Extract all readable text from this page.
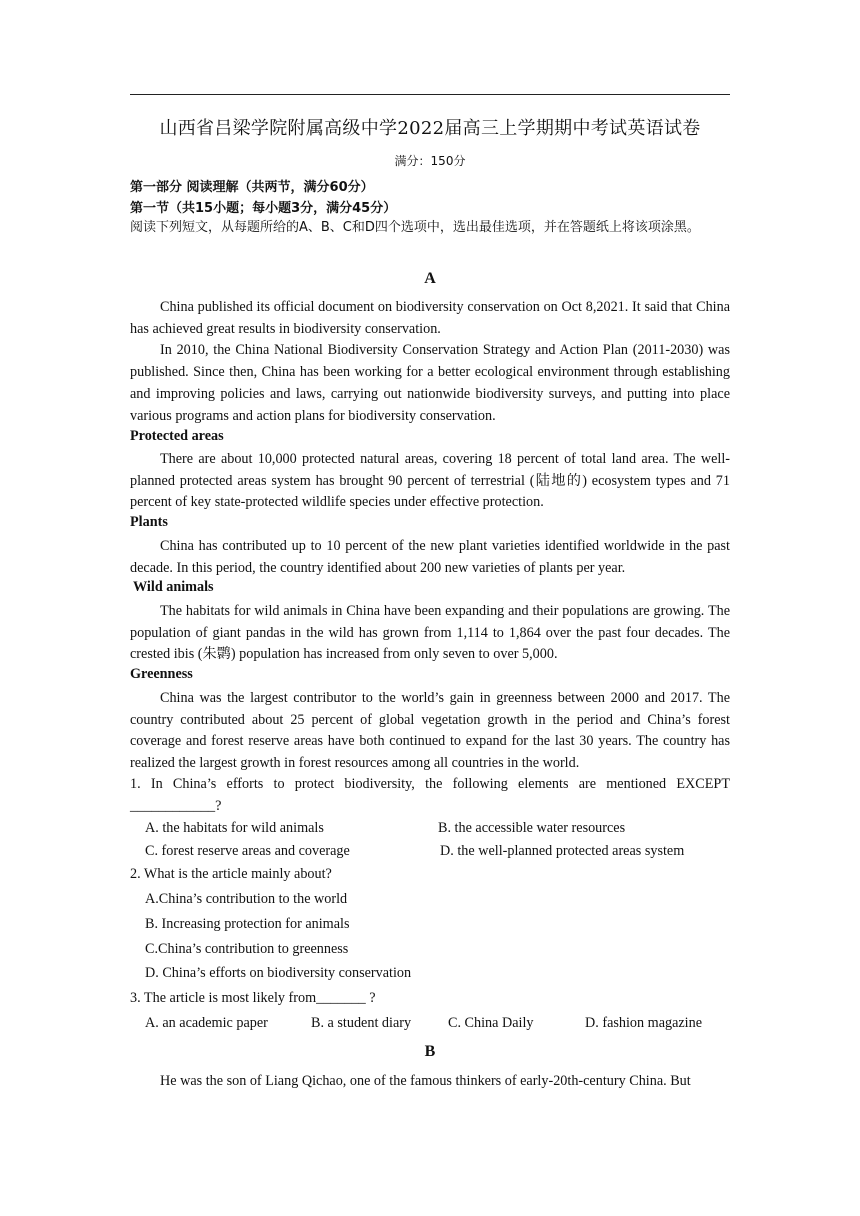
山西省吕梁学院附属高级中学2022届高三上学期期中考试英语试卷
满分：150分
第一部分 阅读理解（共两节，满分60分）
第一节（共15小题；每小题3分，满分45分）
阅读下列短文，从每题所给的A、B、C和D四个选项中，选出最佳选项，并在答题纸上将该项涂黑。
A

China published its official document on biodiversity conservation on Oct 8,2021. It said that China has achieved great results in biodiversity conservation.

In 2010, the China National Biodiversity Conservation Strategy and Action Plan (2011-2030) was published. Since then, China has been working for a better ecological environment through establishing and improving policies and laws, carrying out nationwide biodiversity surveys, and putting into place various programs and action plans for biodiversity conservation.

Protected areas

There are about 10,000 protected natural areas, covering 18 percent of total land area. The well-planned protected areas system has brought 90 percent of terrestrial (陆地的) ecosystem types and 71 percent of key state-protected wildlife species under effective protection.

Plants

China has contributed up to 10 percent of the new plant varieties identified worldwide in the past decade. In this period, the country identified about 200 new varieties of plants per year.

Wild animals

The habitats for wild animals in China have been expanding and their populations are growing. The population of giant pandas in the wild has grown from 1,114 to 1,864 over the past four decades. The crested ibis (朱鹮) population has increased from only seven to over 5,000.

Greenness

China was the largest contributor to the world’s gain in greenness between 2000 and 2017. The country contributed about 25 percent of global vegetation growth in the period and China’s forest coverage and forest reserve areas have both continued to expand for the last 30 years. The country has realized the largest growth in forest resources among all countries in the world.

1. In China’s efforts to protect biodiversity, the following elements are mentioned EXCEPT ____________?
A. the habitats for wild animals	B. the accessible water resources
C. forest reserve areas and coverage	D. the well-planned protected areas system
2. What is the article mainly about?
A.China’s contribution to the world
B. Increasing protection for animals
C.China’s contribution to greenness
D. China’s efforts on biodiversity conservation
3. The article is most likely from_______ ?
A. an academic paper	B. a student diary	C. China Daily	D. fashion magazine
B

He was the son of Liang Qichao, one of the famous thinkers of early-20th-century China. But
